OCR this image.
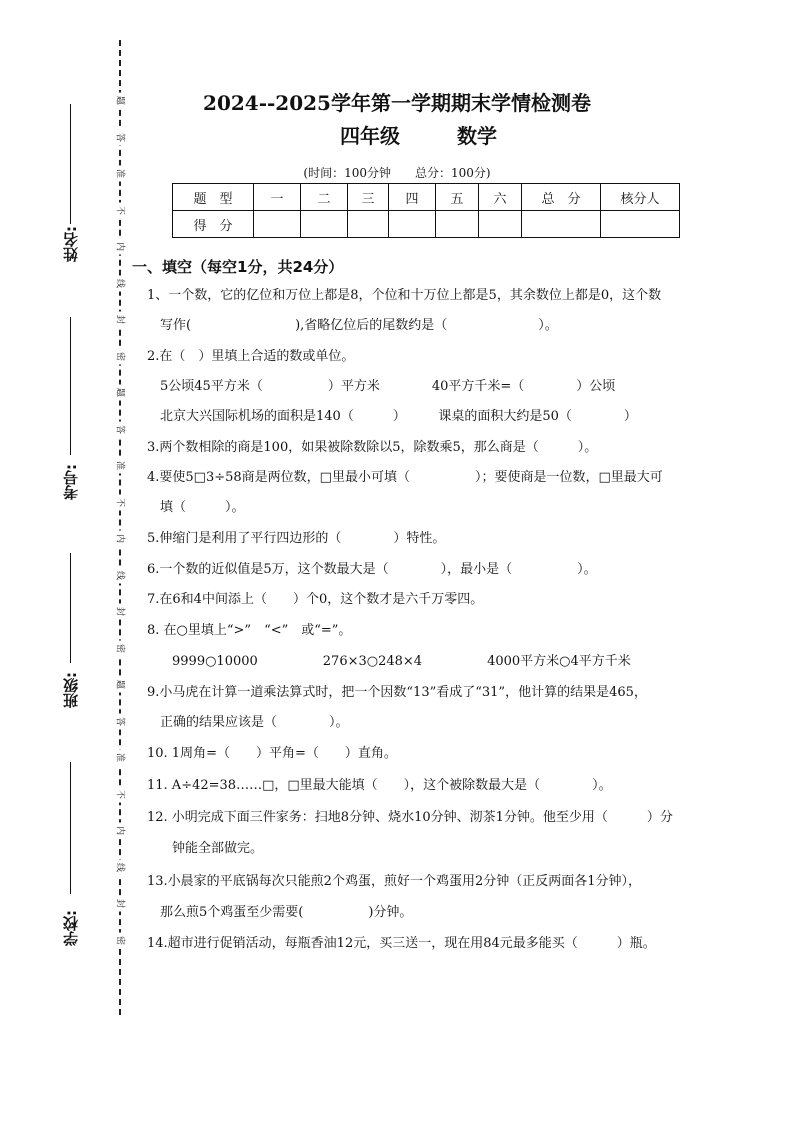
题
答
准
不
内
线
封
密
题
答
准
不
内
线
封
密
题
答
准
不
内
线
封
密
姓名:
考号:
班级:
学校:
2024--2025学年第一学期期末学情检测卷
四年级	数学
(时间：100分钟　　总分：100分)
题　型	一	二	三	四	五	六	总　分	核分人
得　分								
一、填空（每空1分，共24分）
1、一个数，它的亿位和万位上都是8，个位和十万位上都是5，其余数位上都是0，这个数
写作(　　　　　　　　),省略亿位后的尾数约是（　　　　　　　）。
2.在（　）里填上合适的数或单位。
5公顷45平方米（　　　　　）平方米　　　　40平方千米=（　　　　）公顷
北京大兴国际机场的面积是140（　　　）　　　课桌的面积大约是50（　　　　）
3.两个数相除的商是100，如果被除数除以5，除数乘5，那么商是（　　　）。
4.要使5□3÷58商是两位数，□里最小可填（　　　　　）；要使商是一位数，□里最大可
填（　　　）。
5.伸缩门是利用了平行四边形的（　　　　）特性。
6.一个数的近似值是5万，这个数最大是（　　　　），最小是（　　　　　）。
7.在6和4中间添上（　　）个0，这个数才是六千万零四。
8. 在○里填上“>”　“<”　或“=”。
9999○10000　　　　　276×3○248×4　　　　　4000平方米○4平方千米
9.小马虎在计算一道乘法算式时，把一个因数“13”看成了“31”，他计算的结果是465，
正确的结果应该是（　　　　）。
10. 1周角=（　　）平角=（　　）直角。
11. A÷42=38……□，□里最大能填（　　），这个被除数最大是（　　　　）。
12. 小明完成下面三件家务：扫地8分钟、烧水10分钟、沏茶1分钟。他至少用（　　　）分
钟能全部做完。
13.小晨家的平底锅每次只能煎2个鸡蛋，煎好一个鸡蛋用2分钟（正反两面各1分钟），
那么煎5个鸡蛋至少需要(　　　　　)分钟。
14.超市进行促销活动，每瓶香油12元，买三送一，现在用84元最多能买（　　　）瓶。
